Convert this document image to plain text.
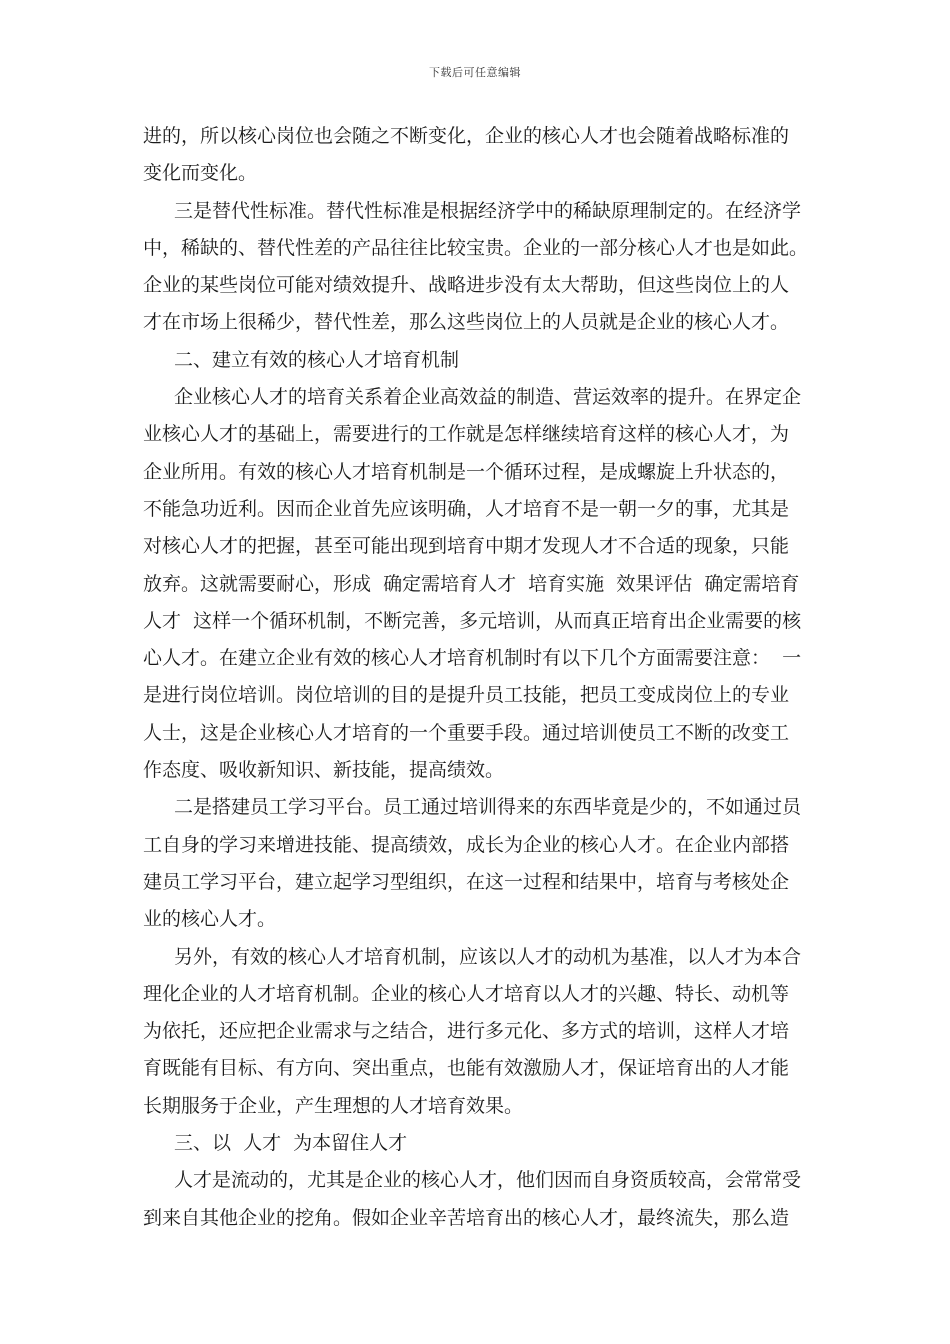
下载后可任意编辑
进的，所以核心岗位也会随之不断变化，企业的核心人才也会随着战略标准的
变化而变化。
三是替代性标准。替代性标准是根据经济学中的稀缺原理制定的。在经济学
中，稀缺的、替代性差的产品往往比较宝贵。企业的一部分核心人才也是如此。
企业的某些岗位可能对绩效提升、战略进步没有太大帮助，但这些岗位上的人
才在市场上很稀少，替代性差，那么这些岗位上的人员就是企业的核心人才。
二、建立有效的核心人才培育机制
企业核心人才的培育关系着企业高效益的制造、营运效率的提升。在界定企
业核心人才的基础上，需要进行的工作就是怎样继续培育这样的核心人才，为
企业所用。有效的核心人才培育机制是一个循环过程，是成螺旋上升状态的，
不能急功近利。因而企业首先应该明确，人才培育不是一朝一夕的事，尤其是
对核心人才的把握，甚至可能出现到培育中期才发现人才不合适的现象，只能
放弃。这就需要耐心，形成  确定需培育人才  培育实施  效果评估  确定需培育
人才  这样一个循环机制，不断完善，多元培训，从而真正培育出企业需要的核
心人才。在建立企业有效的核心人才培育机制时有以下几个方面需要注意：  一
是进行岗位培训。岗位培训的目的是提升员工技能，把员工变成岗位上的专业
人士，这是企业核心人才培育的一个重要手段。通过培训使员工不断的改变工
作态度、吸收新知识、新技能，提高绩效。
二是搭建员工学习平台。员工通过培训得来的东西毕竟是少的，不如通过员
工自身的学习来增进技能、提高绩效，成长为企业的核心人才。在企业内部搭
建员工学习平台，建立起学习型组织，在这一过程和结果中，培育与考核处企
业的核心人才。
另外，有效的核心人才培育机制，应该以人才的动机为基准，以人才为本合
理化企业的人才培育机制。企业的核心人才培育以人才的兴趣、特长、动机等
为依托，还应把企业需求与之结合，进行多元化、多方式的培训，这样人才培
育既能有目标、有方向、突出重点，也能有效激励人才，保证培育出的人才能
长期服务于企业，产生理想的人才培育效果。
三、以  人才  为本留住人才
人才是流动的，尤其是企业的核心人才，他们因而自身资质较高，会常常受
到来自其他企业的挖角。假如企业辛苦培育出的核心人才，最终流失，那么造
